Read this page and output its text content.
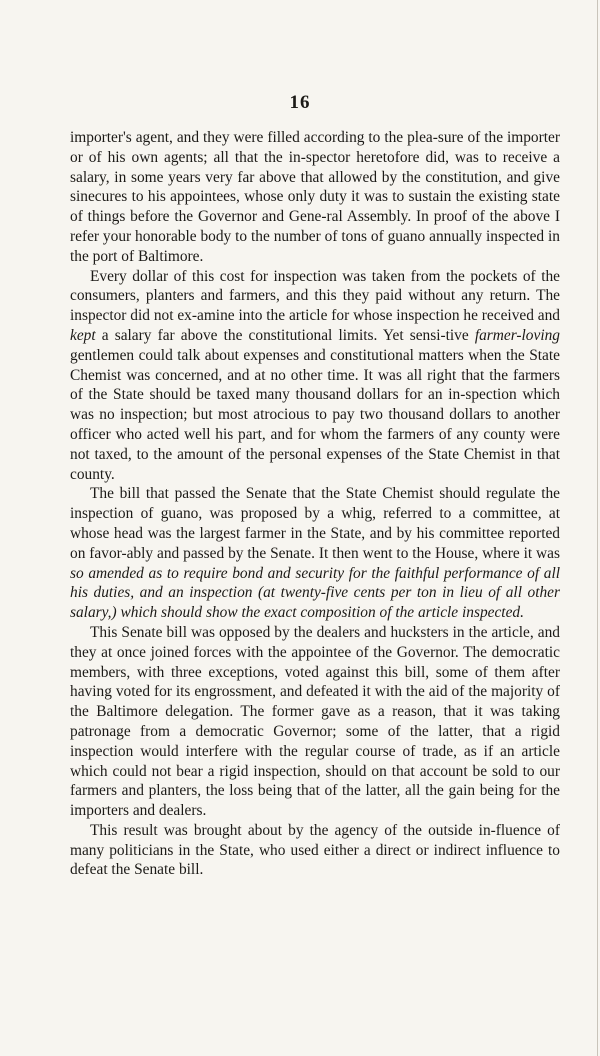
16

importer's agent, and they were filled according to the plea-sure of the importer or of his own agents; all that the in-spector heretofore did, was to receive a salary, in some years very far above that allowed by the constitution, and give sinecures to his appointees, whose only duty it was to sustain the existing state of things before the Governor and Gene-ral Assembly. In proof of the above I refer your honorable body to the number of tons of guano annually inspected in the port of Baltimore.

Every dollar of this cost for inspection was taken from the pockets of the consumers, planters and farmers, and this they paid without any return. The inspector did not ex-amine into the article for whose inspection he received and kept a salary far above the constitutional limits. Yet sensi-tive farmer-loving gentlemen could talk about expenses and constitutional matters when the State Chemist was concerned, and at no other time. It was all right that the farmers of the State should be taxed many thousand dollars for an in-spection which was no inspection; but most atrocious to pay two thousand dollars to another officer who acted well his part, and for whom the farmers of any county were not taxed, to the amount of the personal expenses of the State Chemist in that county.

The bill that passed the Senate that the State Chemist should regulate the inspection of guano, was proposed by a whig, referred to a committee, at whose head was the largest farmer in the State, and by his committee reported on favor-ably and passed by the Senate. It then went to the House, where it was so amended as to require bond and security for the faithful performance of all his duties, and an inspection (at twenty-five cents per ton in lieu of all other salary,) which should show the exact composition of the article inspected.

This Senate bill was opposed by the dealers and hucksters in the article, and they at once joined forces with the appointee of the Governor. The democratic members, with three exceptions, voted against this bill, some of them after having voted for its engrossment, and defeated it with the aid of the majority of the Baltimore delegation. The former gave as a reason, that it was taking patronage from a democratic Governor; some of the latter, that a rigid inspection would interfere with the regular course of trade, as if an article which could not bear a rigid inspection, should on that account be sold to our farmers and planters, the loss being that of the latter, all the gain being for the importers and dealers.

This result was brought about by the agency of the outside in-fluence of many politicians in the State, who used either a direct or indirect influence to defeat the Senate bill.
